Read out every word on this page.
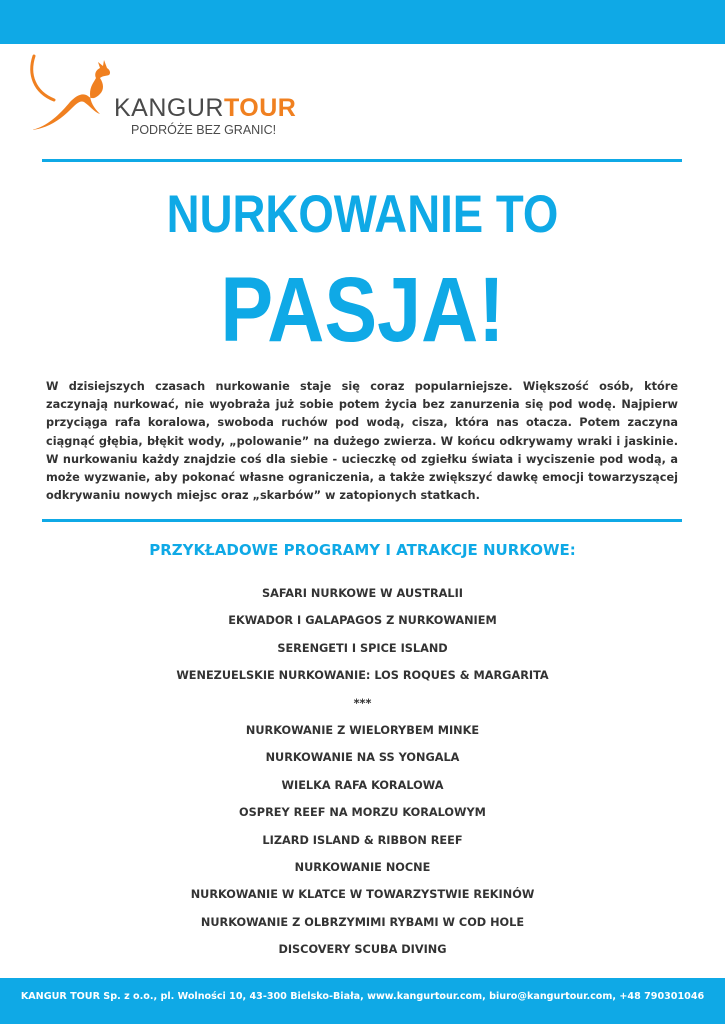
KANGURTOUR
PODRÓŻE BEZ GRANIC!
NURKOWANIE TO
PASJA!

W dzisiejszych czasach nurkowanie staje się coraz popularniejsze. Większość osób, które zaczynają nurkować, nie wyobraża już sobie potem życia bez zanurzenia się pod wodę. Najpierw przyciąga rafa koralowa, swoboda ruchów pod wodą, cisza, która nas otacza. Potem zaczyna ciągnąć głębia, błękit wody, „polowanie” na dużego zwierza. W końcu odkrywamy wraki i jaskinie. W nurkowaniu każdy znajdzie coś dla siebie - ucieczkę od zgiełku świata i wyciszenie pod wodą, a może wyzwanie, aby pokonać własne ograniczenia, a także zwiększyć dawkę emocji towarzyszącej odkrywaniu nowych miejsc oraz „skarbów” w zatopionych statkach.

PRZYKŁADOWE PROGRAMY I ATRAKCJE NURKOWE:
SAFARI NURKOWE W AUSTRALII
EKWADOR I GALAPAGOS Z NURKOWANIEM
SERENGETI I SPICE ISLAND
WENEZUELSKIE NURKOWANIE: LOS ROQUES & MARGARITA
***
NURKOWANIE Z WIELORYBEM MINKE
NURKOWANIE NA SS YONGALA
WIELKA RAFA KORALOWA
OSPREY REEF NA MORZU KORALOWYM
LIZARD ISLAND & RIBBON REEF
NURKOWANIE NOCNE
NURKOWANIE W KLATCE W TOWARZYSTWIE REKINÓW
NURKOWANIE Z OLBRZYMIMI RYBAMI W COD HOLE
DISCOVERY SCUBA DIVING
KANGUR TOUR Sp. z o.o., pl. Wolności 10, 43-300 Bielsko-Biała, www.kangurtour.com, biuro@kangurtour.com, +48 790301046
